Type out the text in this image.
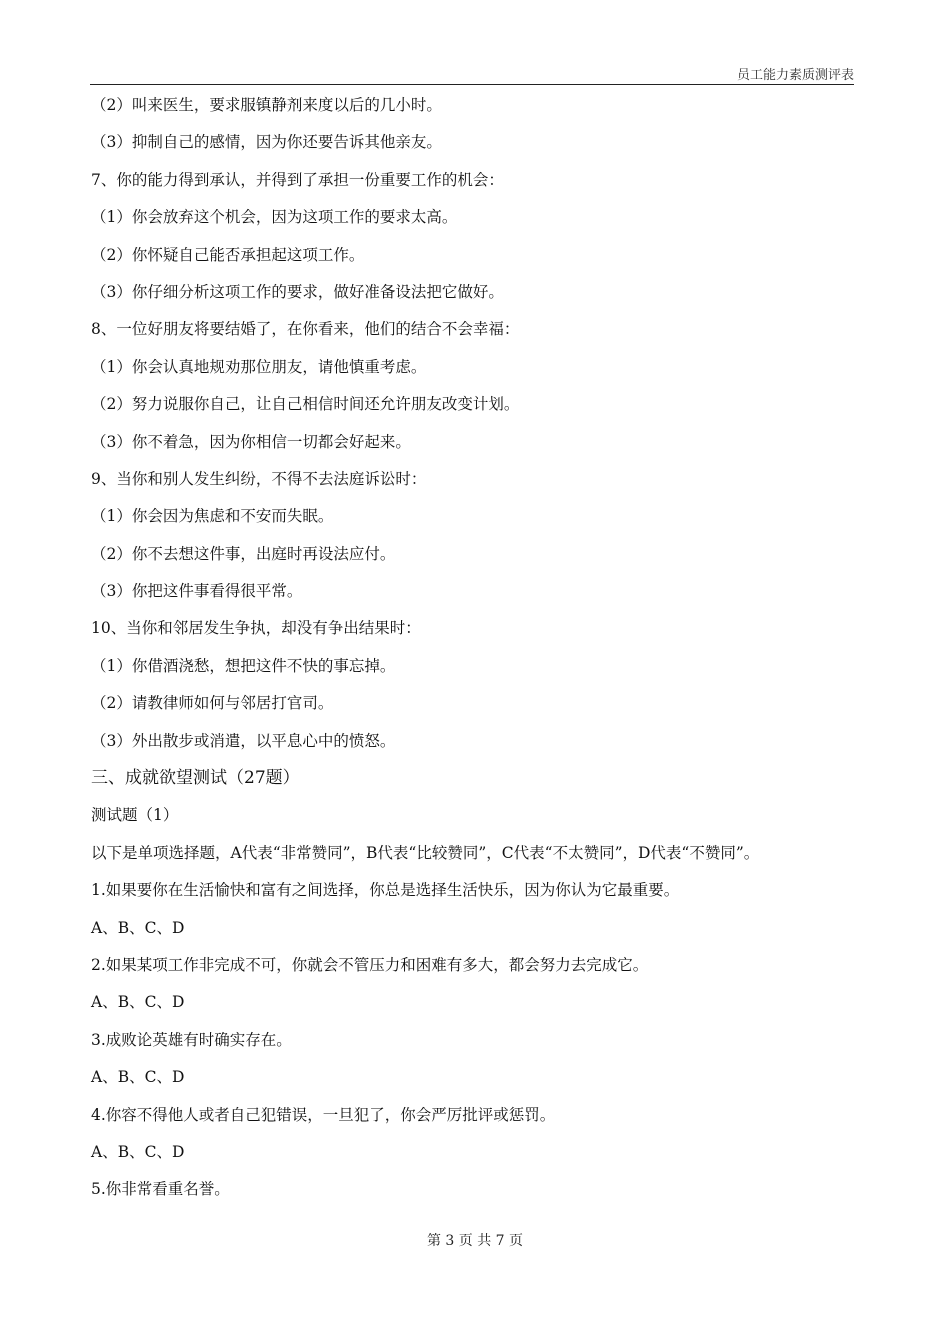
员工能力素质测评表
（2）叫来医生，要求服镇静剂来度以后的几小时。
（3）抑制自己的感情，因为你还要告诉其他亲友。
7、你的能力得到承认，并得到了承担一份重要工作的机会：
（1）你会放弃这个机会，因为这项工作的要求太高。
（2）你怀疑自己能否承担起这项工作。
（3）你仔细分析这项工作的要求，做好准备设法把它做好。
8、一位好朋友将要结婚了，在你看来，他们的结合不会幸福：
（1）你会认真地规劝那位朋友，请他慎重考虑。
（2）努力说服你自己，让自己相信时间还允许朋友改变计划。
（3）你不着急，因为你相信一切都会好起来。
9、当你和别人发生纠纷，不得不去法庭诉讼时：
（1）你会因为焦虑和不安而失眠。
（2）你不去想这件事，出庭时再设法应付。
（3）你把这件事看得很平常。
10、当你和邻居发生争执，却没有争出结果时：
（1）你借酒浇愁，想把这件不快的事忘掉。
（2）请教律师如何与邻居打官司。
（3）外出散步或消遣，以平息心中的愤怒。
三、成就欲望测试（27题）
测试题（1）
以下是单项选择题，A代表“非常赞同”，B代表“比较赞同”，C代表“不太赞同”，D代表“不赞同”。
1.如果要你在生活愉快和富有之间选择，你总是选择生活快乐，因为你认为它最重要。
A、B、C、D
2.如果某项工作非完成不可，你就会不管压力和困难有多大，都会努力去完成它。
A、B、C、D
3.成败论英雄有时确实存在。
A、B、C、D
4.你容不得他人或者自己犯错误，一旦犯了，你会严厉批评或惩罚。
A、B、C、D
5.你非常看重名誉。
第 3 页 共 7 页
